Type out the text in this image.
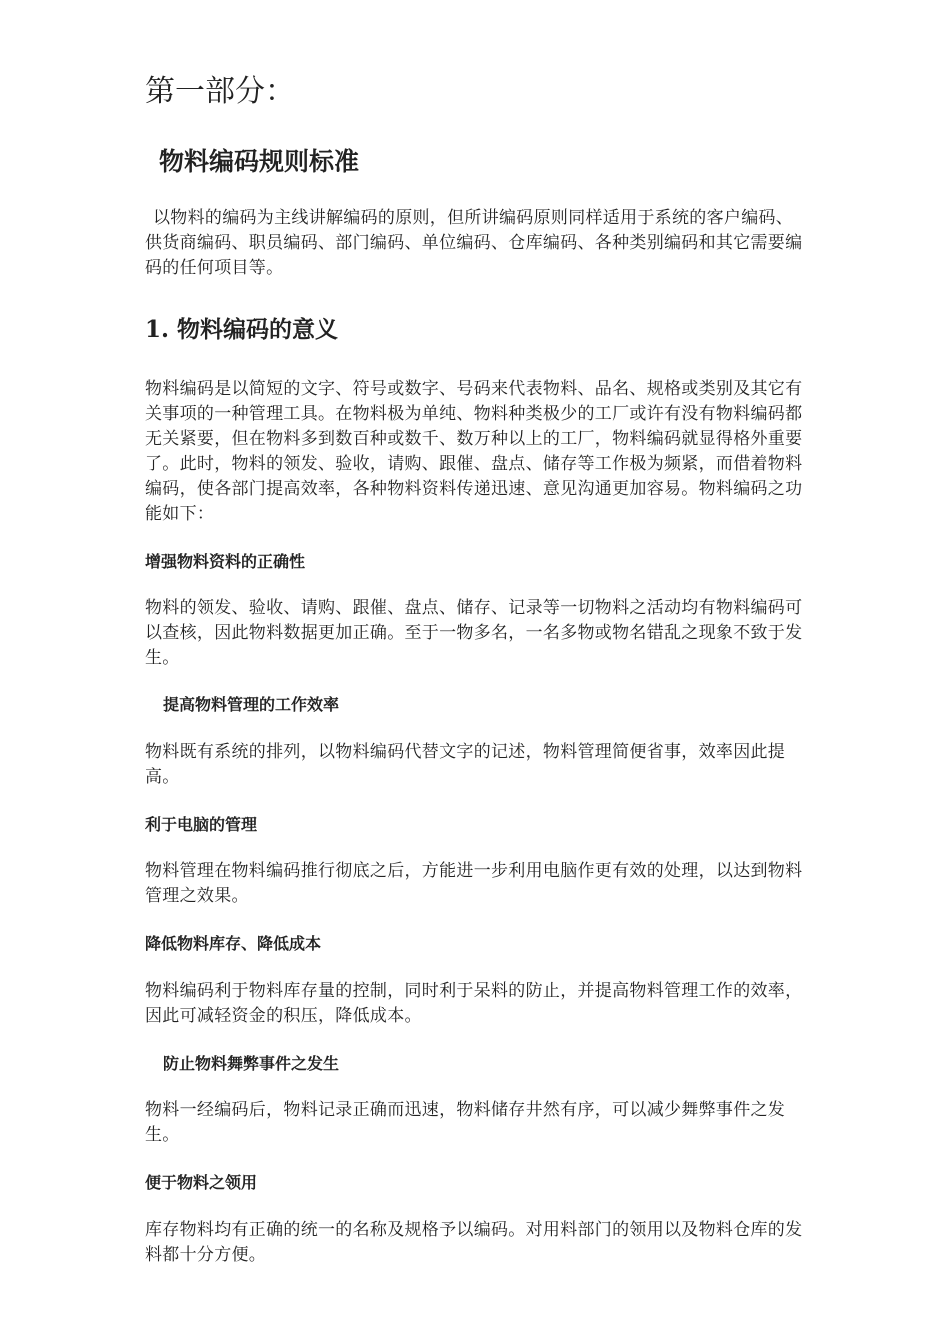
第一部分：
物料编码规则标准

以物料的编码为主线讲解编码的原则，但所讲编码原则同样适用于系统的客户编码、供货商编码、职员编码、部门编码、单位编码、仓库编码、各种类别编码和其它需要编码的任何项目等。

1. 物料编码的意义

物料编码是以简短的文字、符号或数字、号码来代表物料、品名、规格或类别及其它有关事项的一种管理工具。在物料极为单纯、物料种类极少的工厂或许有没有物料编码都无关紧要，但在物料多到数百种或数千、数万种以上的工厂，物料编码就显得格外重要了。此时，物料的领发、验收，请购、跟催、盘点、储存等工作极为频紧，而借着物料编码，使各部门提高效率，各种物料资料传递迅速、意见沟通更加容易。物料编码之功能如下：

增强物料资料的正确性

物料的领发、验收、请购、跟催、盘点、储存、记录等一切物料之活动均有物料编码可以查核，因此物料数据更加正确。至于一物多名，一名多物或物名错乱之现象不致于发生。

提高物料管理的工作效率

物料既有系统的排列，以物料编码代替文字的记述，物料管理简便省事，效率因此提高。

利于电脑的管理

物料管理在物料编码推行彻底之后，方能进一步利用电脑作更有效的处理，以达到物料管理之效果。

降低物料库存、降低成本

物料编码利于物料库存量的控制，同时利于呆料的防止，并提高物料管理工作的效率，因此可减轻资金的积压，降低成本。

防止物料舞弊事件之发生

物料一经编码后，物料记录正确而迅速，物料储存井然有序，可以减少舞弊事件之发生。

便于物料之领用

库存物料均有正确的统一的名称及规格予以编码。对用料部门的领用以及物料仓库的发料都十分方便。
